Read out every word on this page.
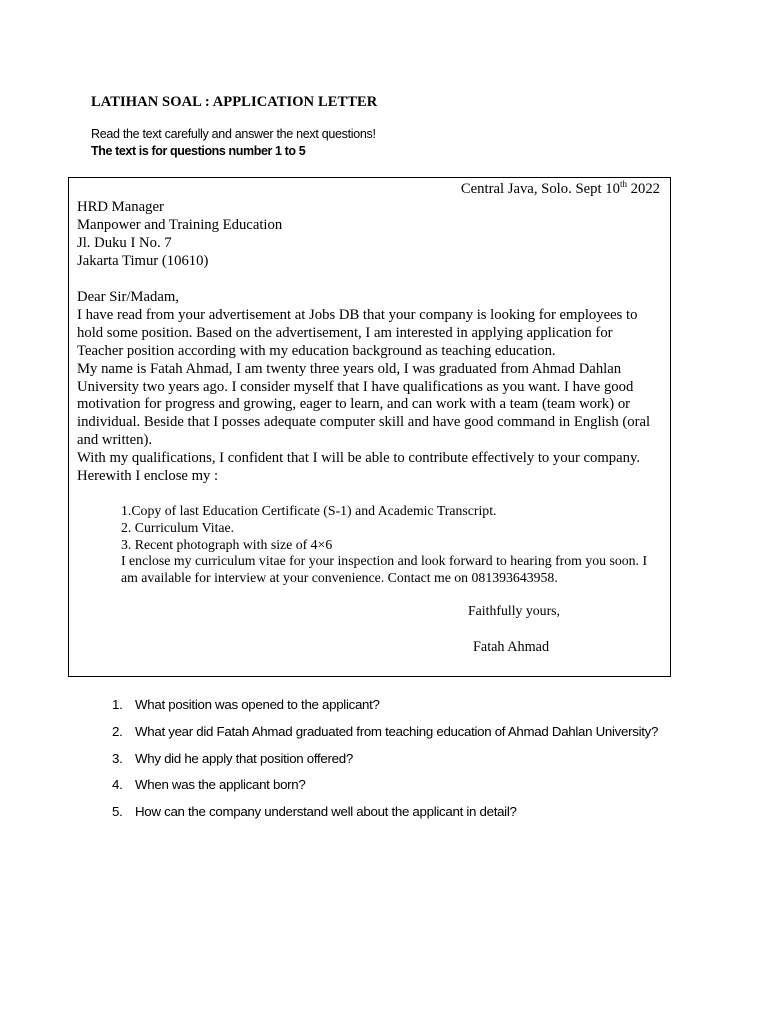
LATIHAN SOAL : APPLICATION LETTER
Read the text carefully and answer the next questions!
The text is for questions number 1 to 5
Central Java, Solo. Sept 10th 2022
HRD Manager
Manpower and Training Education
Jl. Duku I No. 7
Jakarta Timur (10610)

Dear Sir/Madam,

I have read from your advertisement at Jobs DB that your company is looking for employees to hold some position. Based on the advertisement, I am interested in applying application for Teacher position according with my education background as teaching education.

My name is Fatah Ahmad, I am twenty three years old, I was graduated from Ahmad Dahlan University two years ago. I consider myself that I have qualifications as you want. I have good motivation for progress and growing, eager to learn, and can work with a team (team work) or individual. Beside that I posses adequate computer skill and have good command in English (oral and written).

With my qualifications, I confident that I will be able to contribute effectively to your company. Herewith I enclose my :

1.Copy of last Education Certificate (S-1) and Academic Transcript.

2. Curriculum Vitae.

3. Recent photograph with size of 4×6

I enclose my curriculum vitae for your inspection and look forward to hearing from you soon. I am available for interview at your convenience. Contact me on 081393643958.

Faithfully yours,
Fatah Ahmad
1. What position was opened to the applicant?
2. What year did Fatah Ahmad graduated from teaching education of Ahmad Dahlan University?
3. Why did he apply that position offered?
4. When was the applicant born?
5. How can the company understand well about the applicant in detail?
